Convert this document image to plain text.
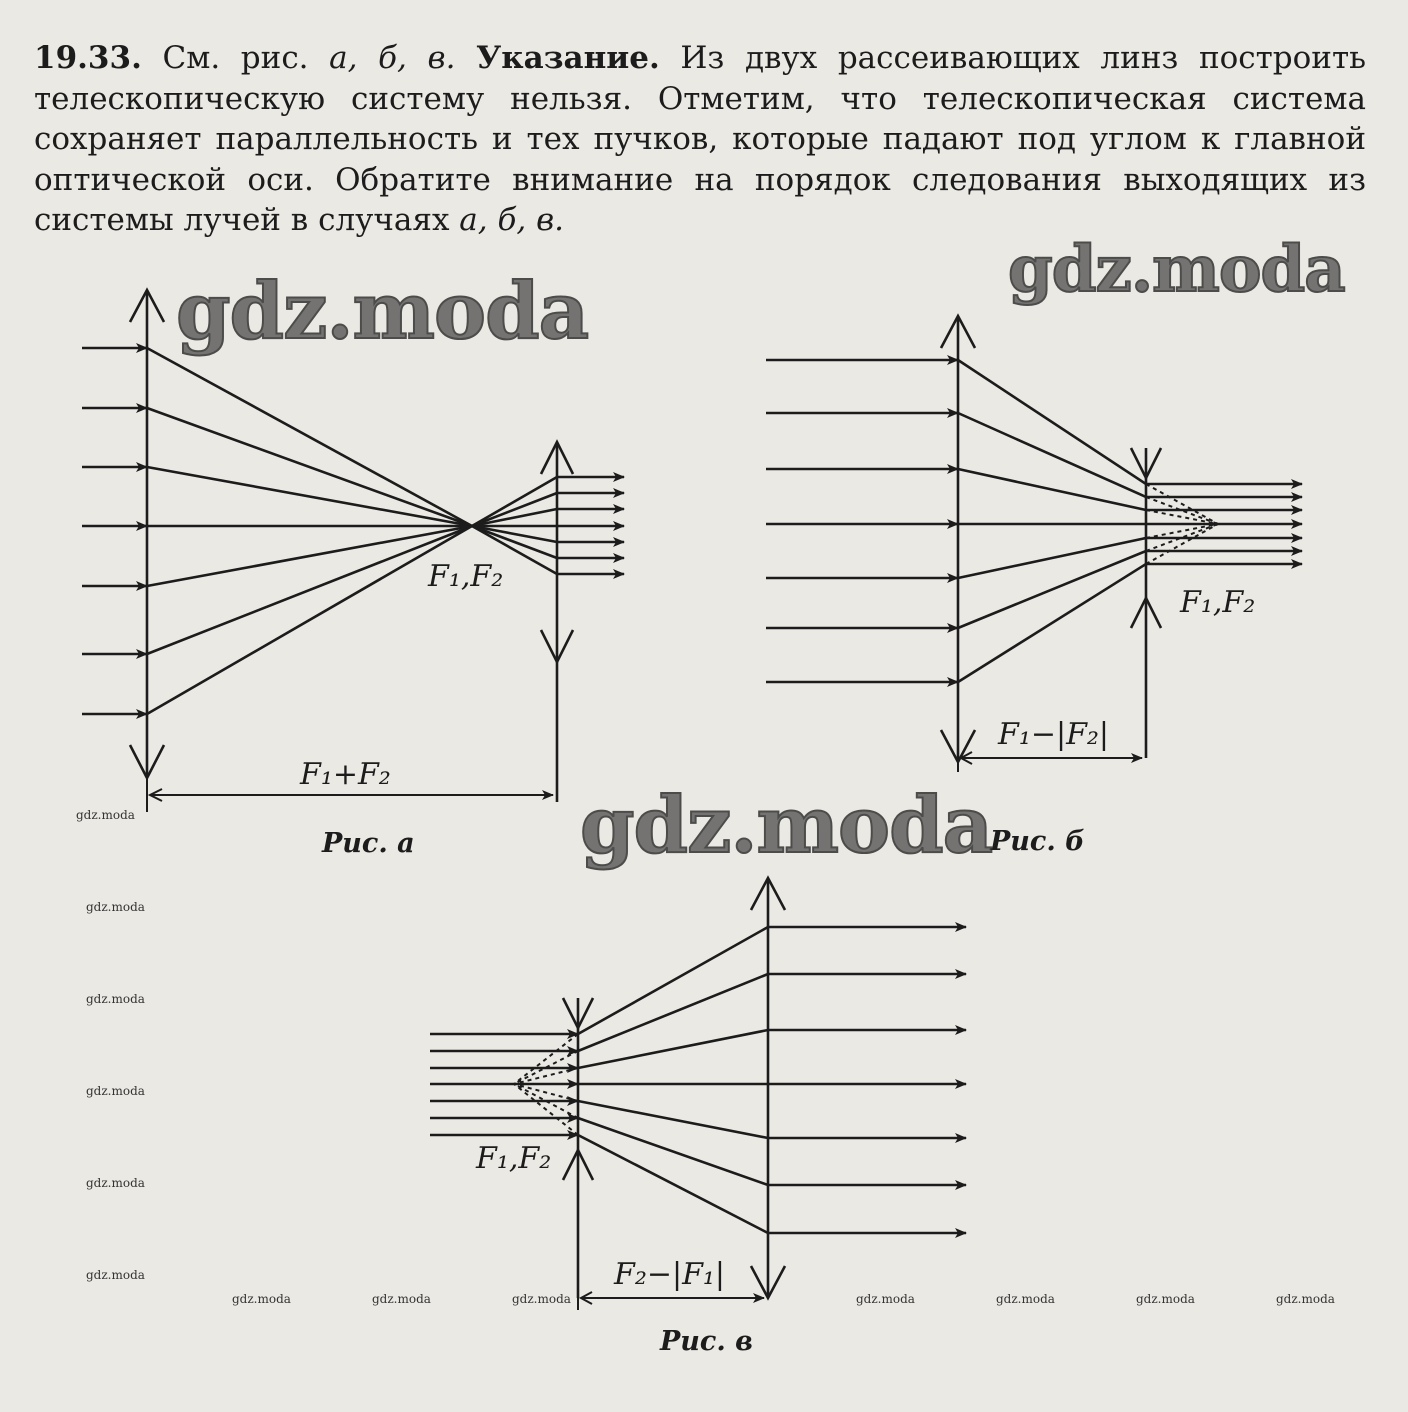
19.33. См. рис. а, б, в. Указание. Из двух рассеивающих линз построить телескопическую систему нельзя. Отметим, что телескопическая система сохраняет параллельность и тех пучков, которые падают под углом к главной оптической оси. Обратите внимание на порядок следования выходящих из системы лучей в случаях а, б, в.

F₁,F₂
F₁+F₂
Рис. а
F₁,F₂
F₁−|F₂|
Рис. б
F₁,F₂
F₂−|F₁|
Рис. в
gdz.moda	gdz.moda
gdz.moda
gdz.moda
gdz.moda
gdz.moda
gdz.moda
gdz.moda
gdz.moda
gdz.moda	gdz.moda	gdz.moda	gdz.moda	gdz.moda	gdz.moda	gdz.moda
